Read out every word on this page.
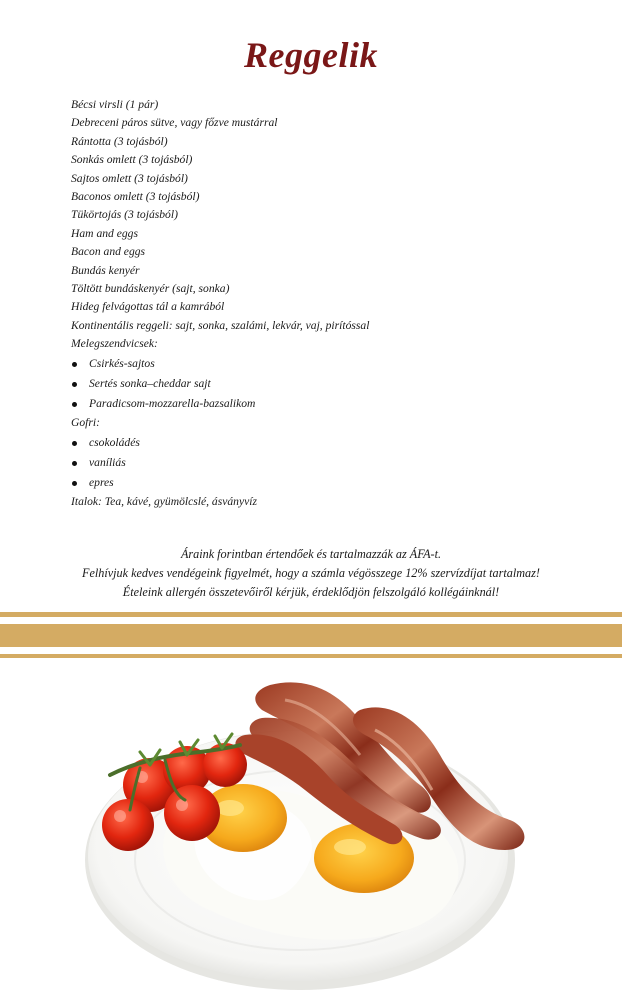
Reggelik
Bécsi virsli (1 pár)
Debreceni páros sütve, vagy főzve mustárral
Rántotta (3 tojásból)
Sonkás omlett (3 tojásból)
Sajtos omlett (3 tojásból)
Baconos omlett (3 tojásból)
Tükörtojás (3 tojásból)
Ham and eggs
Bacon and eggs
Bundás kenyér
Töltött bundáskenyér (sajt, sonka)
Hideg felvágottas tál a kamrából
Kontinentális reggeli: sajt, sonka, szalámi, lekvár, vaj, pirítóssal
Melegszendvicsek:
Csirkés-sajtos
Sertés sonka–cheddar sajt
Paradicsom-mozzarella-bazsalikom
Gofri:
csokoládés
vaníliás
epres
Italok: Tea, kávé, gyümölcslé, ásványvíz
Áraink forintban értendőek és tartalmazzák az ÁFA-t.
Felhívjuk kedves vendégeink figyelmét, hogy a számla végösszege 12% szervízdíjat tartalmaz!
Ételeink allergén összetevőiről kérjük, érdeklődjön felszolgáló kollégáinknál!
